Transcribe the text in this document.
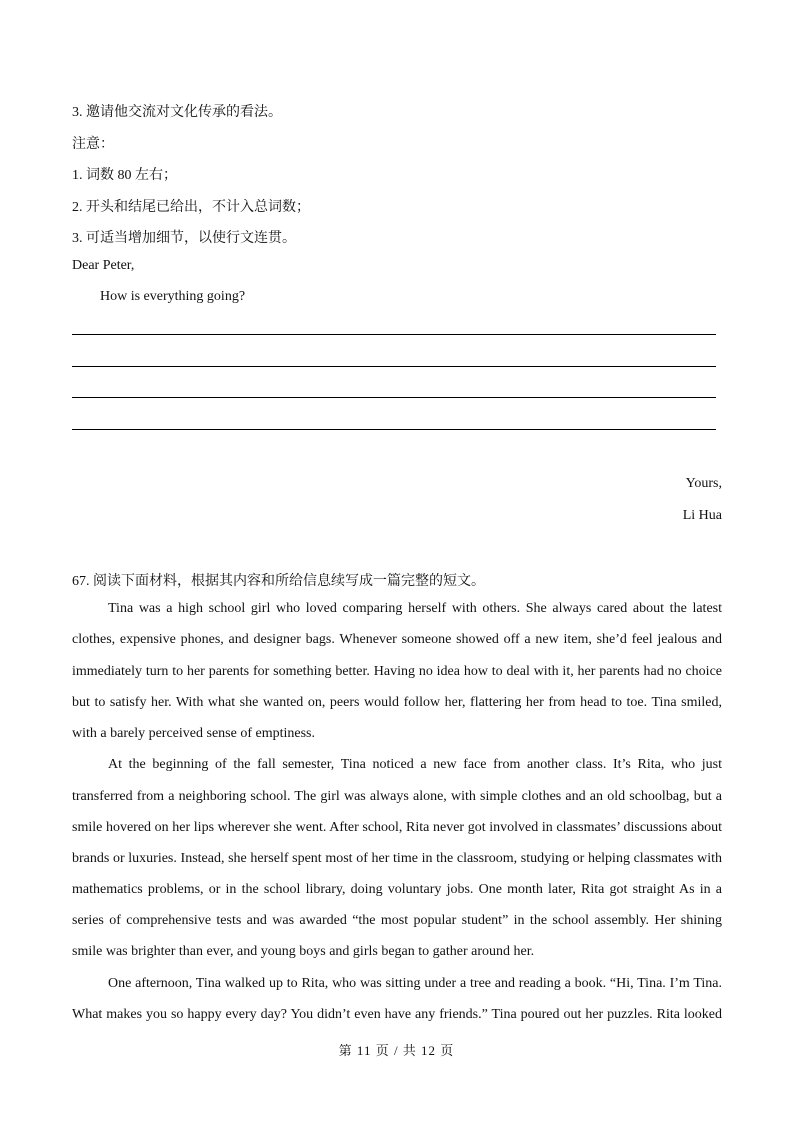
3. 邀请他交流对文化传承的看法。
注意：
1. 词数 80 左右；
2. 开头和结尾已给出，不计入总词数；
3. 可适当增加细节，以使行文连贯。
Dear Peter,
How is everything going?
Yours,
Li Hua
67. 阅读下面材料，根据其内容和所给信息续写成一篇完整的短文。
Tina was a high school girl who loved comparing herself with others. She always cared about the latest
clothes, expensive phones, and designer bags. Whenever someone showed off a new item, she’d feel jealous and
immediately turn to her parents for something better. Having no idea how to deal with it, her parents had no choice
but to satisfy her. With what she wanted on, peers would follow her, flattering her from head to toe. Tina smiled,
with a barely perceived sense of emptiness.
At the beginning of the fall semester, Tina noticed a new face from another class. It’s Rita, who just
transferred from a neighboring school. The girl was always alone, with simple clothes and an old schoolbag, but a
smile hovered on her lips wherever she went. After school, Rita never got involved in classmates’ discussions about
brands or luxuries. Instead, she herself spent most of her time in the classroom, studying or helping classmates with
mathematics problems, or in the school library, doing voluntary jobs. One month later, Rita got straight As in a
series of comprehensive tests and was awarded “the most popular student” in the school assembly. Her shining
smile was brighter than ever, and young boys and girls began to gather around her.
One afternoon, Tina walked up to Rita, who was sitting under a tree and reading a book. “Hi, Tina. I’m Tina.
What makes you so happy every day? You didn’t even have any friends.” Tina poured out her puzzles. Rita looked
第 11 页 / 共 12 页
